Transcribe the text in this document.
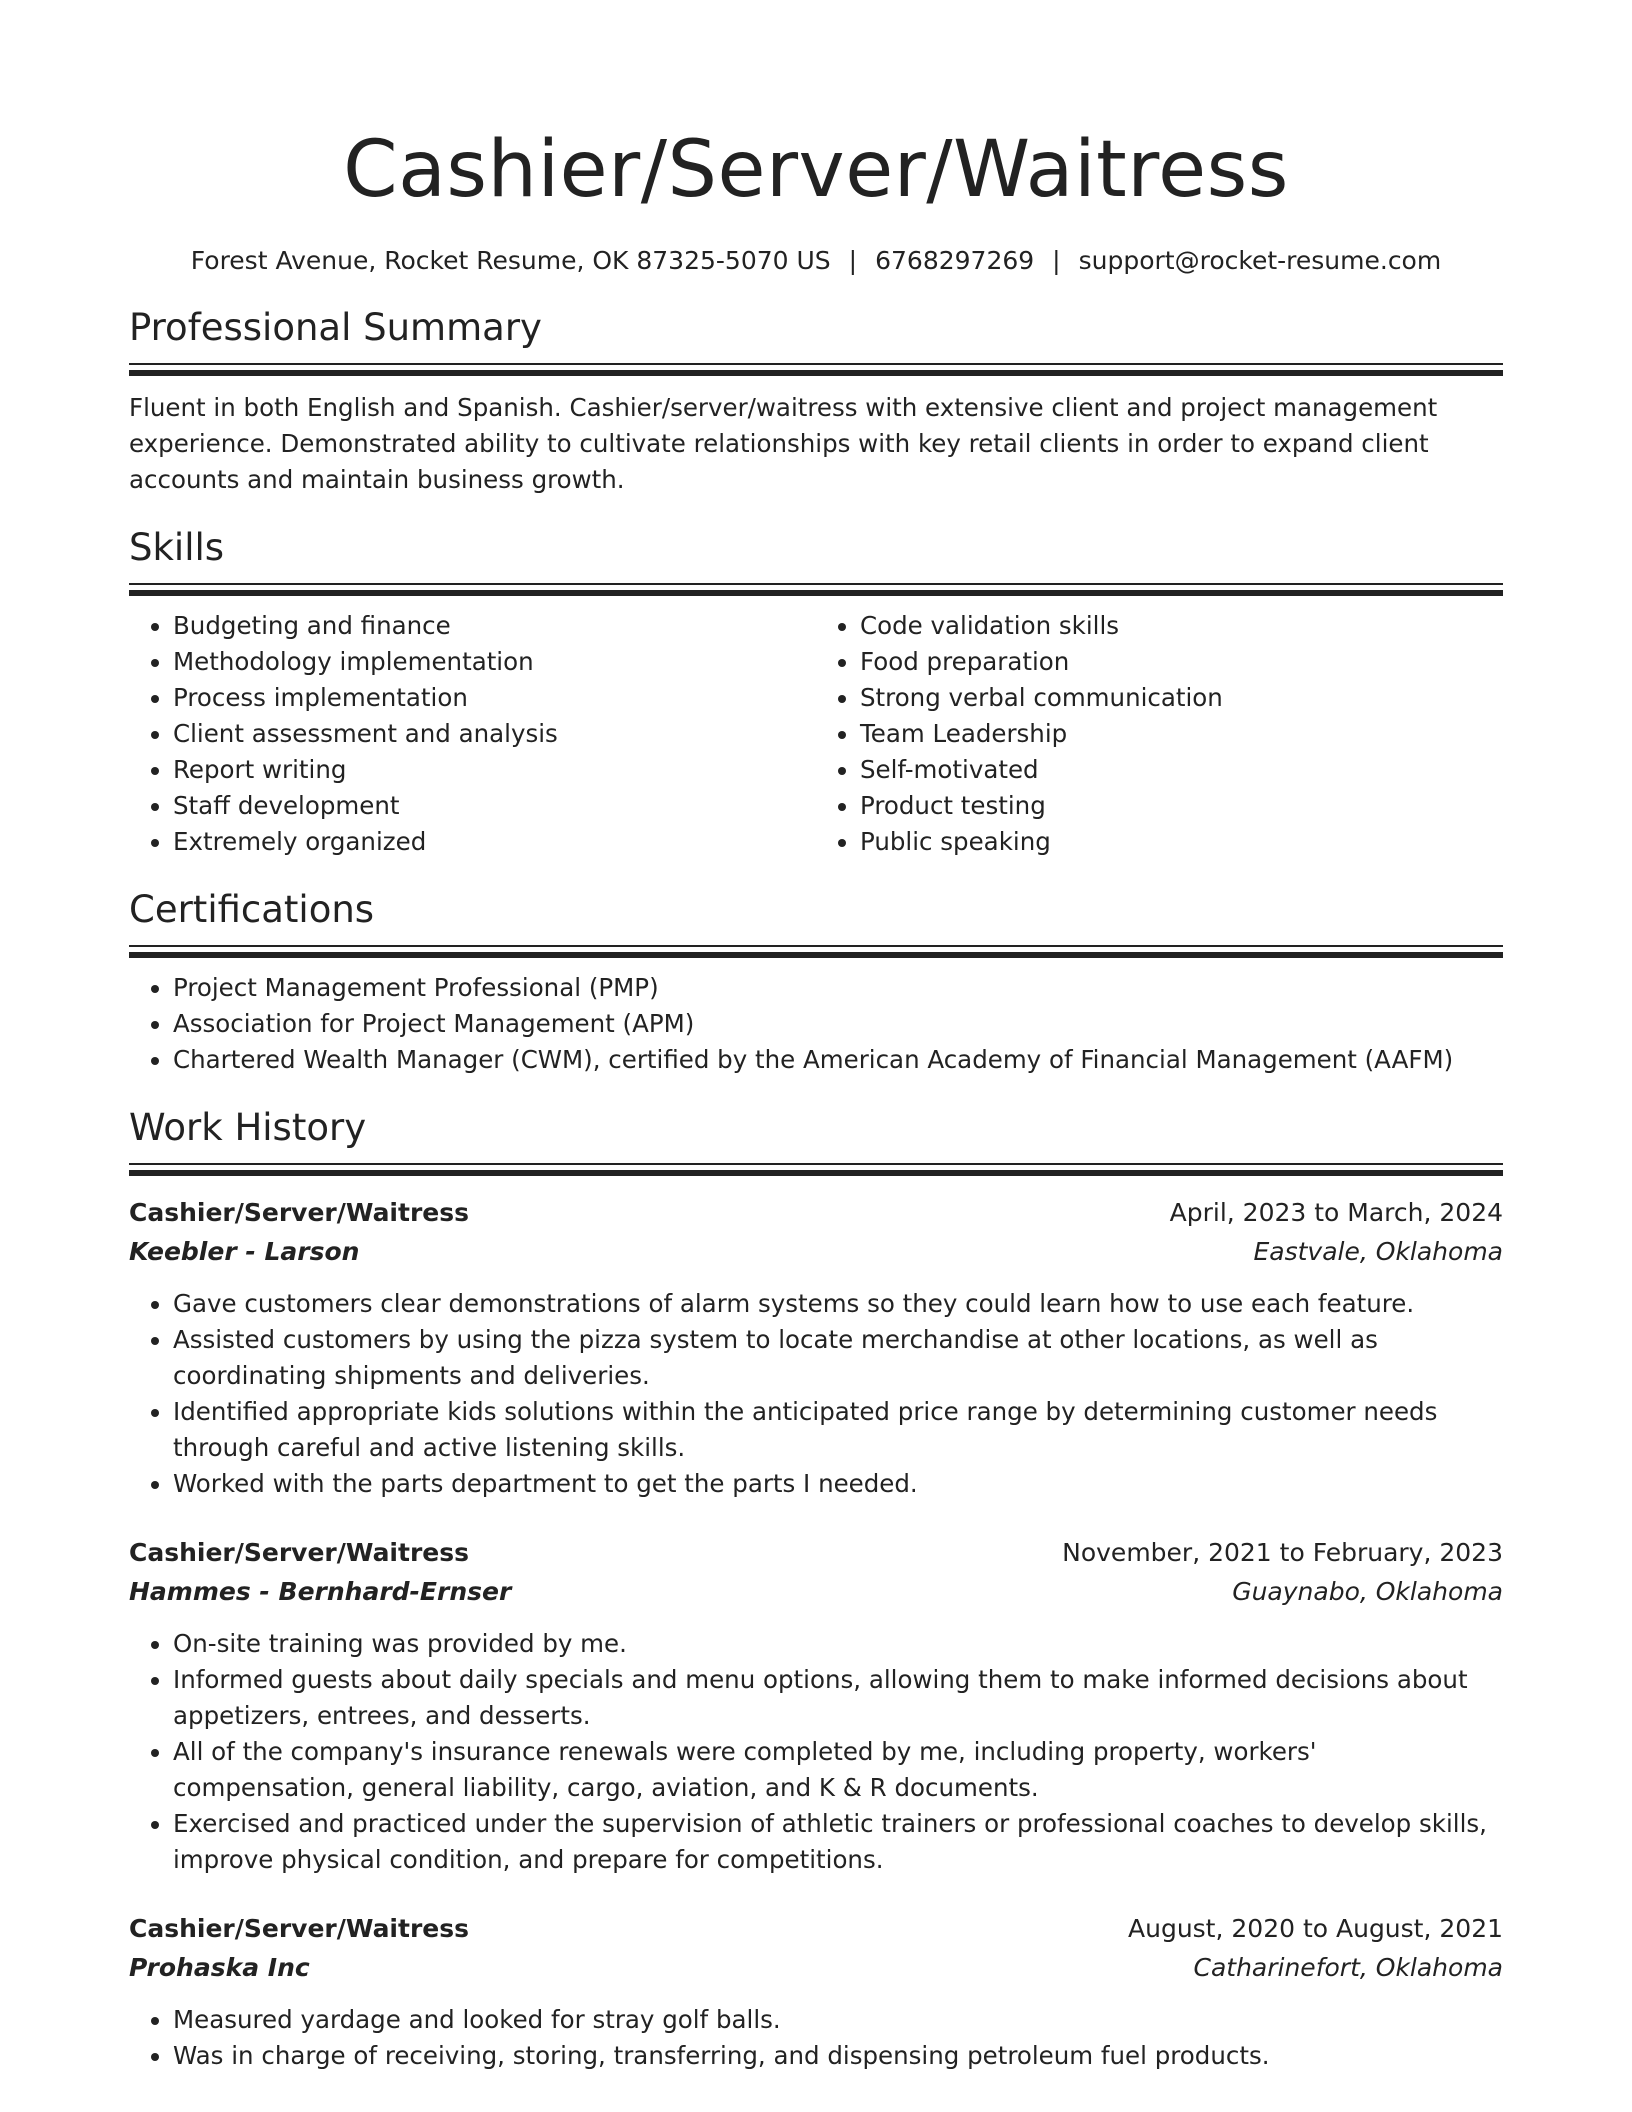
Cashier/Server/Waitress
Forest Avenue, Rocket Resume, OK 87325-5070 US | 6768297269 | support@rocket-resume.com
Professional Summary

Fluent in both English and Spanish. Cashier/server/waitress with extensive client and project management experience. Demonstrated ability to cultivate relationships with key retail clients in order to expand client accounts and maintain business growth.

Skills
• Budgeting and finance
• Methodology implementation
• Process implementation
• Client assessment and analysis
• Report writing
• Staff development
• Extremely organized
• Code validation skills
• Food preparation
• Strong verbal communication
• Team Leadership
• Self-motivated
• Product testing
• Public speaking
Certifications
• Project Management Professional (PMP)
• Association for Project Management (APM)
• Chartered Wealth Manager (CWM), certified by the American Academy of Financial Management (AAFM)
Work History
Cashier/Server/Waitress	April, 2023 to March, 2024
Keebler - Larson	Eastvale, Oklahoma
• Gave customers clear demonstrations of alarm systems so they could learn how to use each feature.
• Assisted customers by using the pizza system to locate merchandise at other locations, as well as coordinating shipments and deliveries.
• Identified appropriate kids solutions within the anticipated price range by determining customer needs through careful and active listening skills.
• Worked with the parts department to get the parts I needed.
Cashier/Server/Waitress	November, 2021 to February, 2023
Hammes - Bernhard-Ernser	Guaynabo, Oklahoma
• On-site training was provided by me.
• Informed guests about daily specials and menu options, allowing them to make informed decisions about appetizers, entrees, and desserts.
• All of the company's insurance renewals were completed by me, including property, workers' compensation, general liability, cargo, aviation, and K & R documents.
• Exercised and practiced under the supervision of athletic trainers or professional coaches to develop skills, improve physical condition, and prepare for competitions.
Cashier/Server/Waitress	August, 2020 to August, 2021
Prohaska Inc	Catharinefort, Oklahoma
• Measured yardage and looked for stray golf balls.
• Was in charge of receiving, storing, transferring, and dispensing petroleum fuel products.
